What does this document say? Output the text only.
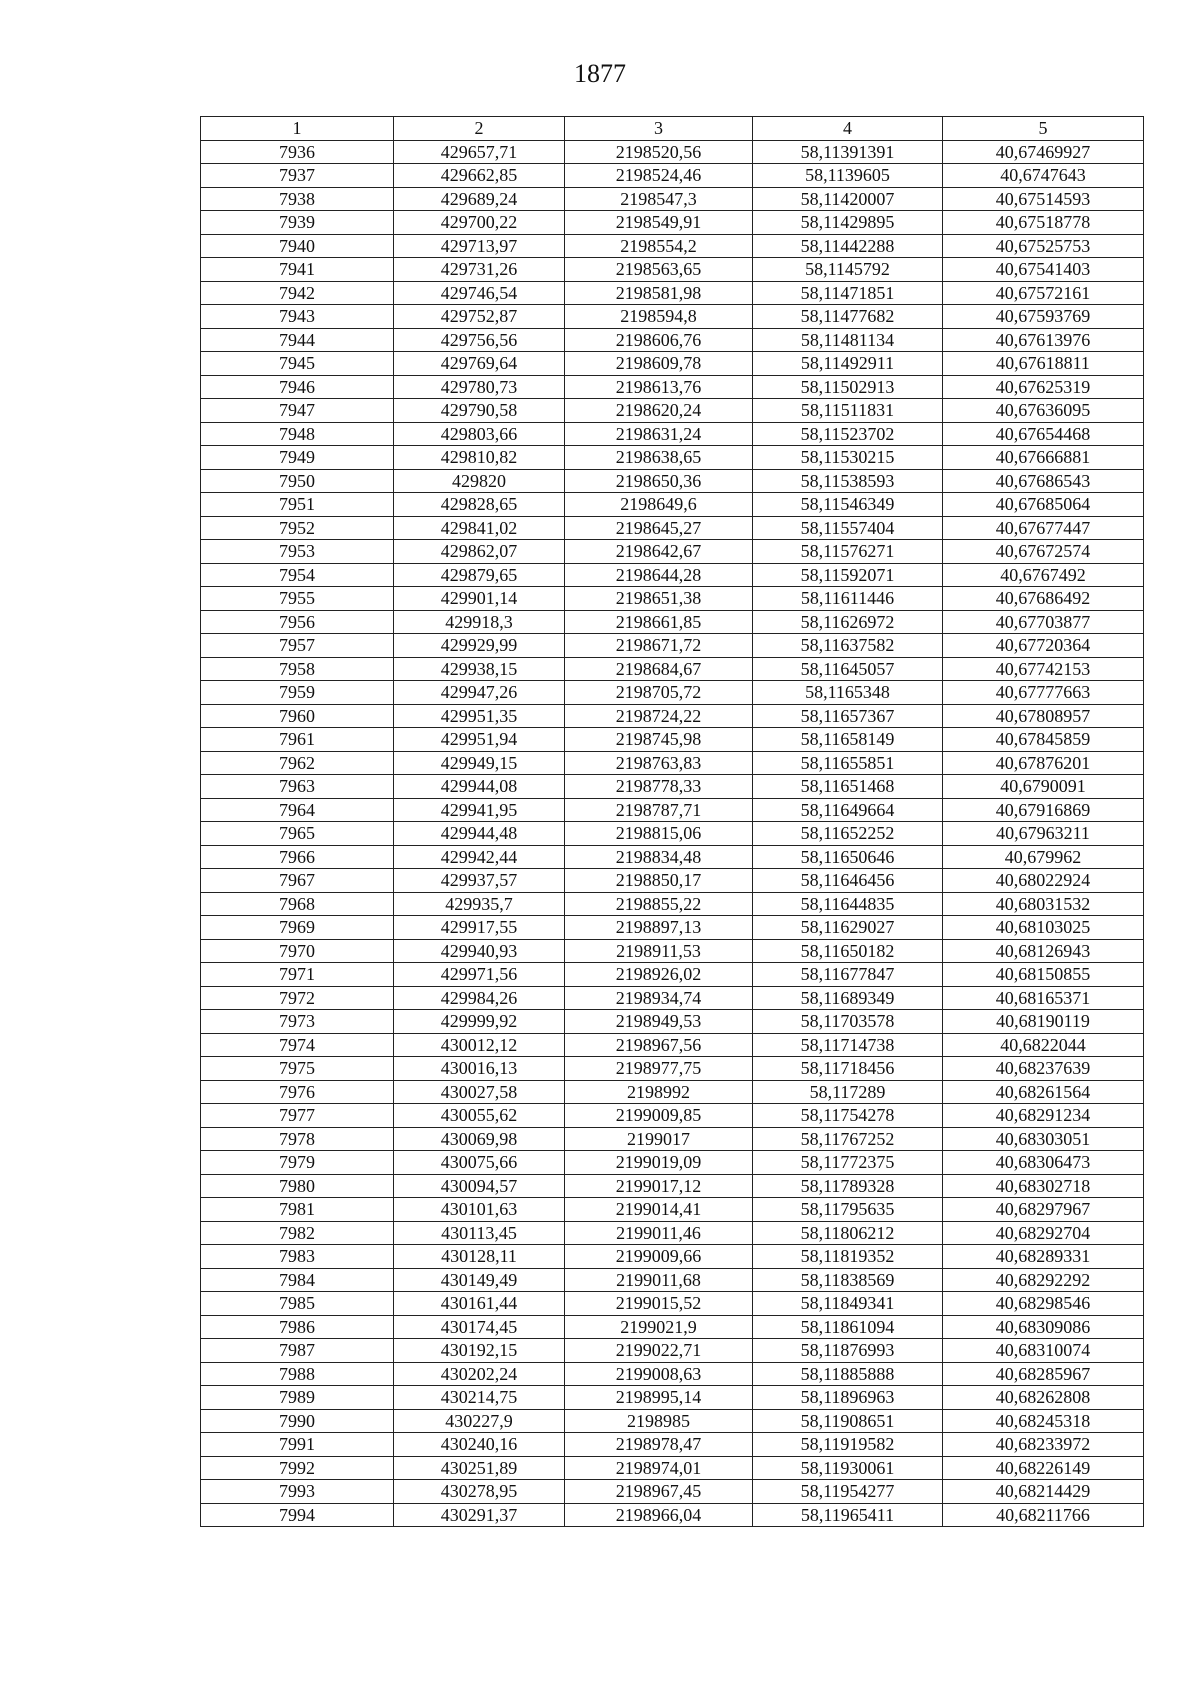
1877
1	2	3	4	5
7936	429657,71	2198520,56	58,11391391	40,67469927
7937	429662,85	2198524,46	58,1139605	40,6747643
7938	429689,24	2198547,3	58,11420007	40,67514593
7939	429700,22	2198549,91	58,11429895	40,67518778
7940	429713,97	2198554,2	58,11442288	40,67525753
7941	429731,26	2198563,65	58,1145792	40,67541403
7942	429746,54	2198581,98	58,11471851	40,67572161
7943	429752,87	2198594,8	58,11477682	40,67593769
7944	429756,56	2198606,76	58,11481134	40,67613976
7945	429769,64	2198609,78	58,11492911	40,67618811
7946	429780,73	2198613,76	58,11502913	40,67625319
7947	429790,58	2198620,24	58,11511831	40,67636095
7948	429803,66	2198631,24	58,11523702	40,67654468
7949	429810,82	2198638,65	58,11530215	40,67666881
7950	429820	2198650,36	58,11538593	40,67686543
7951	429828,65	2198649,6	58,11546349	40,67685064
7952	429841,02	2198645,27	58,11557404	40,67677447
7953	429862,07	2198642,67	58,11576271	40,67672574
7954	429879,65	2198644,28	58,11592071	40,6767492
7955	429901,14	2198651,38	58,11611446	40,67686492
7956	429918,3	2198661,85	58,11626972	40,67703877
7957	429929,99	2198671,72	58,11637582	40,67720364
7958	429938,15	2198684,67	58,11645057	40,67742153
7959	429947,26	2198705,72	58,1165348	40,67777663
7960	429951,35	2198724,22	58,11657367	40,67808957
7961	429951,94	2198745,98	58,11658149	40,67845859
7962	429949,15	2198763,83	58,11655851	40,67876201
7963	429944,08	2198778,33	58,11651468	40,6790091
7964	429941,95	2198787,71	58,11649664	40,67916869
7965	429944,48	2198815,06	58,11652252	40,67963211
7966	429942,44	2198834,48	58,11650646	40,679962
7967	429937,57	2198850,17	58,11646456	40,68022924
7968	429935,7	2198855,22	58,11644835	40,68031532
7969	429917,55	2198897,13	58,11629027	40,68103025
7970	429940,93	2198911,53	58,11650182	40,68126943
7971	429971,56	2198926,02	58,11677847	40,68150855
7972	429984,26	2198934,74	58,11689349	40,68165371
7973	429999,92	2198949,53	58,11703578	40,68190119
7974	430012,12	2198967,56	58,11714738	40,6822044
7975	430016,13	2198977,75	58,11718456	40,68237639
7976	430027,58	2198992	58,117289	40,68261564
7977	430055,62	2199009,85	58,11754278	40,68291234
7978	430069,98	2199017	58,11767252	40,68303051
7979	430075,66	2199019,09	58,11772375	40,68306473
7980	430094,57	2199017,12	58,11789328	40,68302718
7981	430101,63	2199014,41	58,11795635	40,68297967
7982	430113,45	2199011,46	58,11806212	40,68292704
7983	430128,11	2199009,66	58,11819352	40,68289331
7984	430149,49	2199011,68	58,11838569	40,68292292
7985	430161,44	2199015,52	58,11849341	40,68298546
7986	430174,45	2199021,9	58,11861094	40,68309086
7987	430192,15	2199022,71	58,11876993	40,68310074
7988	430202,24	2199008,63	58,11885888	40,68285967
7989	430214,75	2198995,14	58,11896963	40,68262808
7990	430227,9	2198985	58,11908651	40,68245318
7991	430240,16	2198978,47	58,11919582	40,68233972
7992	430251,89	2198974,01	58,11930061	40,68226149
7993	430278,95	2198967,45	58,11954277	40,68214429
7994	430291,37	2198966,04	58,11965411	40,68211766
